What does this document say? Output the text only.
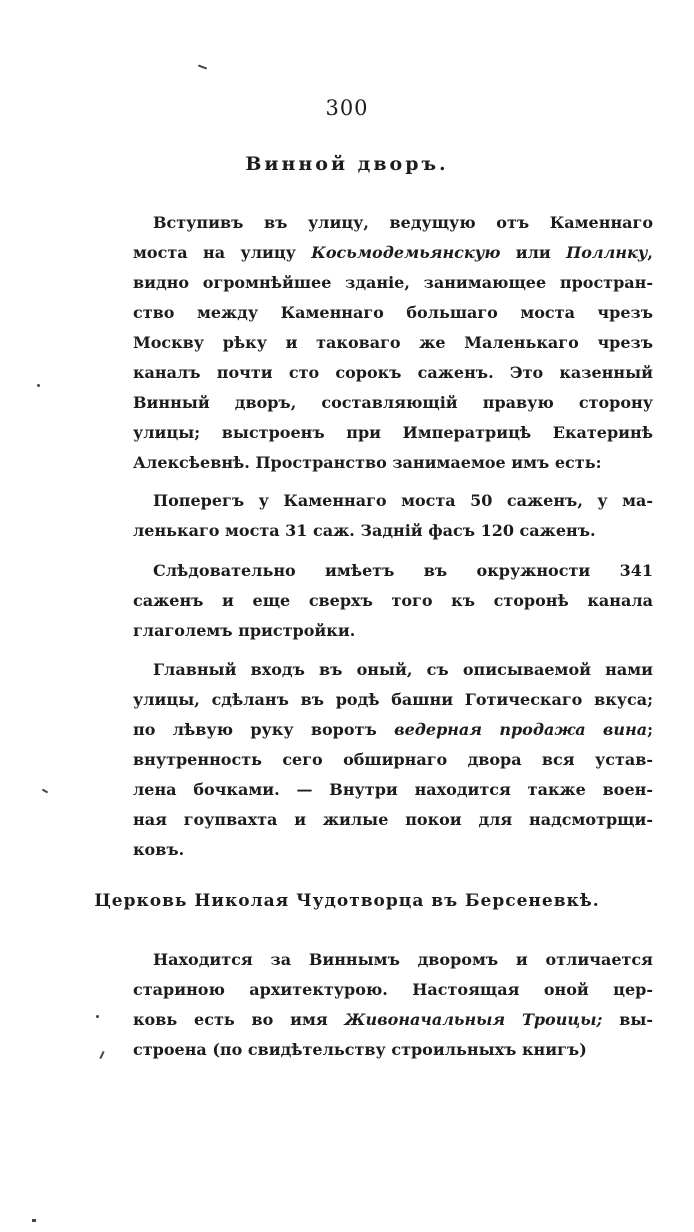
300
Винной дворъ.
Вступивъ въ улицу, ведущую отъ Каменнаго
моста на улицу Косьмодемьянскую или Поллнку,
видно огромнѣйшее зданіе, занимающее простран-
ство между Каменнаго большаго моста чрезъ
Москву рѣку и таковаго же Маленькаго чрезъ
каналъ почти сто сорокъ саженъ. Это казенный
Винный дворъ, составляющій правую сторону
улицы; выстроенъ при Императрицѣ Екатеринѣ
Алексѣевнѣ. Пространство занимаемое имъ есть:
Поперегъ у Каменнаго моста 50 саженъ, у ма-
ленькаго моста 31 саж. Заднiй фасъ 120 саженъ.
Слѣдовательно имѣетъ въ окружности 341
саженъ и еще сверхъ того къ сторонѣ канала
глаголемъ пристройки.
Главный входъ въ оный, съ описываемой нами
улицы, сдѣланъ въ родѣ башни Готическаго вкуса;
по лѣвую руку воротъ ведерная продажа вина;
внутренность сего обширнаго двора вся устав-
лена бочками. — Внутри находится также воен-
ная гоупвахта и жилые покои для надсмотрщи-
ковъ.
Церковь Николая Чудотворца въ Берсеневкѣ.
Находится за Виннымъ дворомъ и отличается
стариною архитектурою. Настоящая оной цер-
ковь есть во имя Живоначальныя Троицы; вы-
строена (по свидѣтельству строильныхъ книгъ)
